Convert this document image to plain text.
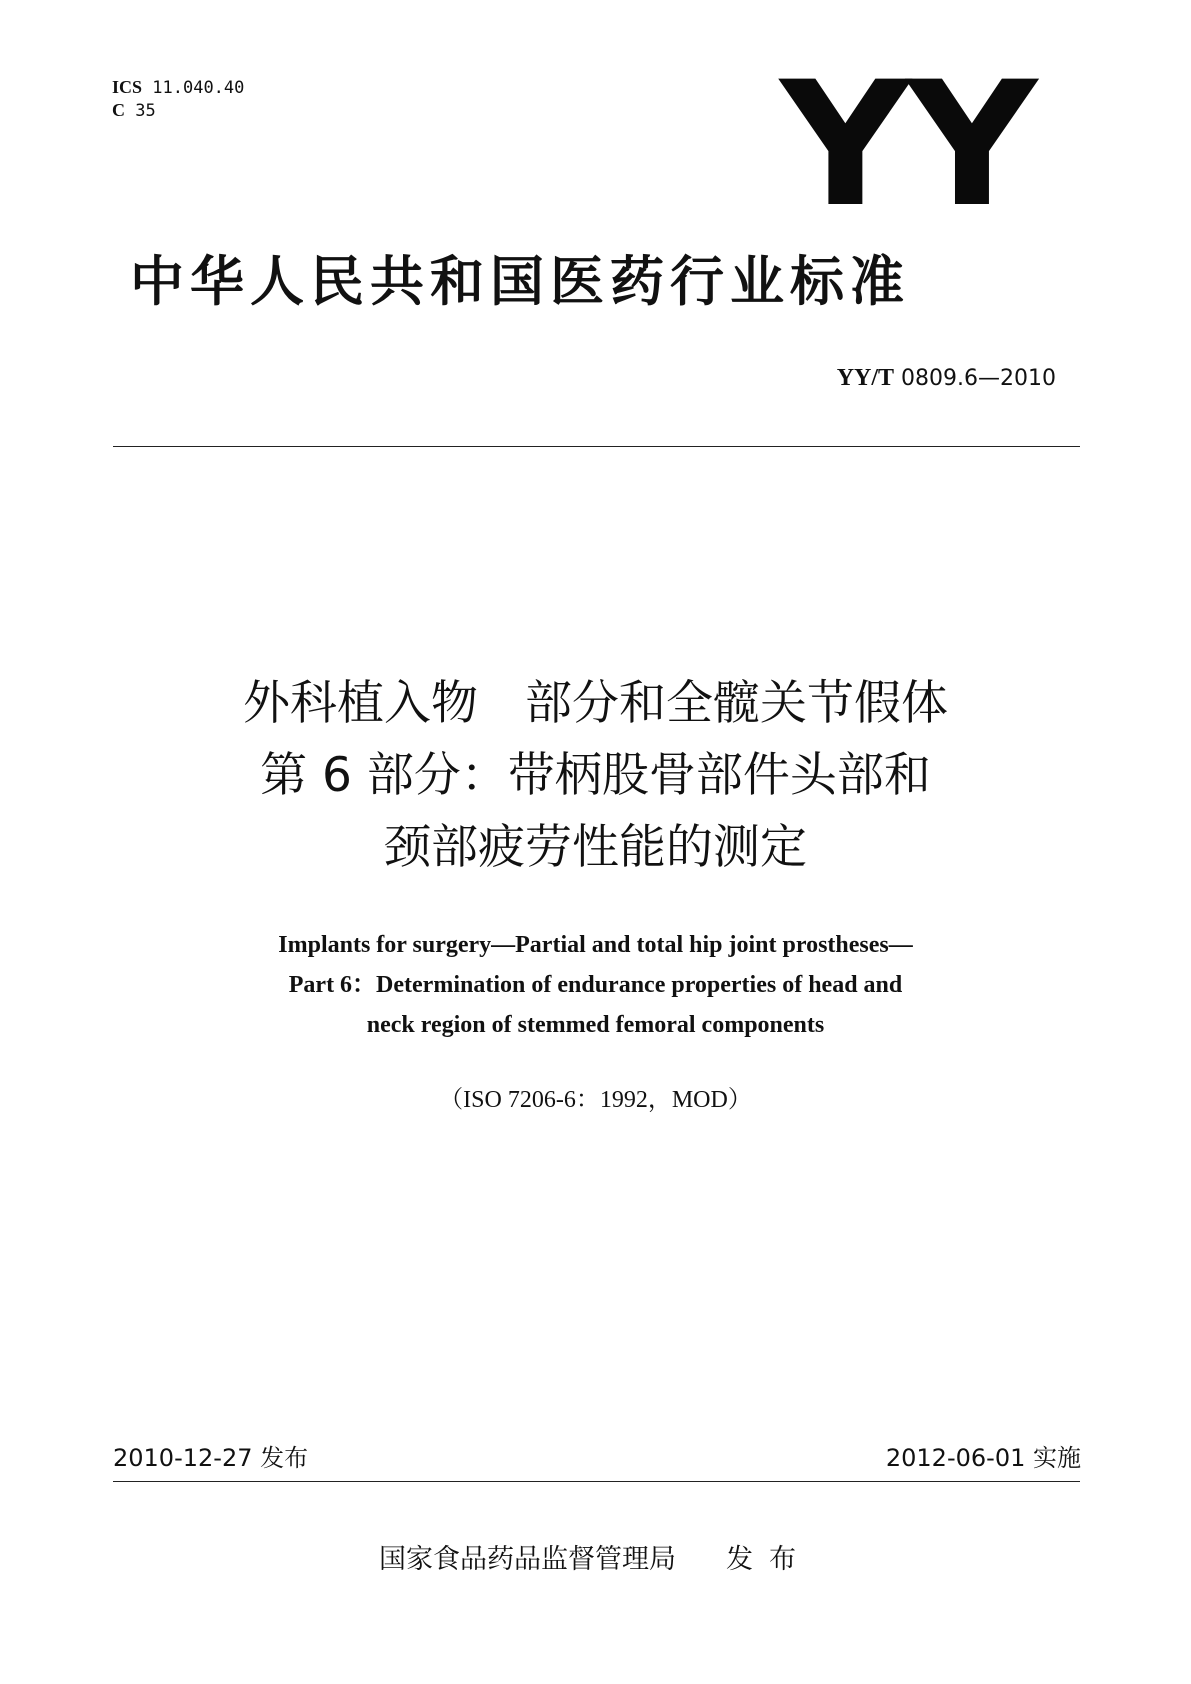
ICS 11.040.40
C 35	YY
中华人民共和国医药行业标准
YY/T 0809.6—2010
外科植入物　部分和全髋关节假体
第 6 部分：带柄股骨部件头部和
颈部疲劳性能的测定
Implants for surgery—Partial and total hip joint prostheses—
Part 6：Determination of endurance properties of head and
neck region of stemmed femoral components
（ISO 7206-6：1992，MOD）
2010-12-27 发布	2012-06-01 实施
国家食品药品监督管理局 发布
